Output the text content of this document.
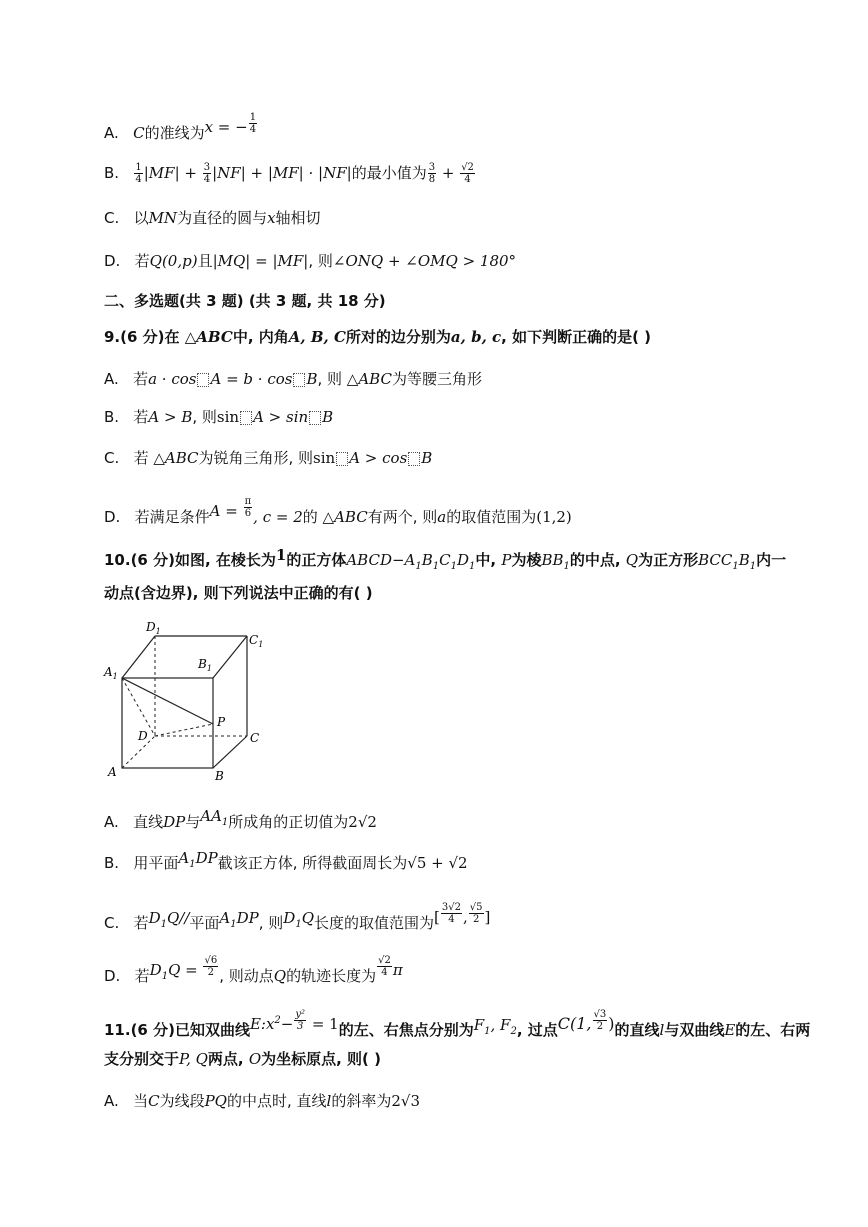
A. C的准线为x = − $\frac{1}{4}$
B. $\frac{1}{4} |MF| + \frac{3}{4} |NF| + |MF| \cdot |NF|$的最小值为 $\frac{3}{8} + \frac{√2}{4}$
C. 以MN为直径的圆与x轴相切
D. 若Q(0,p)且|MQ| = |MF|, 则∠ONQ + ∠OMQ > 180°
二、多选题(共 3 题) (共 3 题, 共 18 分)
9.(6 分)在 △ABC中, 内角A, B, C所对的边分别为a, b, c, 如下判断正确的是( )
A. 若a · cos A = b · cos B, 则 △ABC为等腰三角形
B. 若A > B, 则sin A > sin B
C. 若 △ABC为锐角三角形, 则sin A > cos B
D. 若满足条件$A = \frac{\pi}{6}$ , c = 2的 △ABC有两个, 则a的取值范围为(1,2)
10.(6 分)如图, 在棱长为1的正方体$ABCD-A_1B_1C_1D_1$中, P为棱$BB_1$的中点, Q为正方形$BCC_1B_1$内一
动点(含边界), 则下列说法中正确的有( )
$D_1$
$C_1$
$B_1$
$A_1$
P
D	C
A	B
A. 直线DP与$AA_1$所成角的正切值为2√2
B. 用平面$A_1DP$截该正方体, 所得截面周长为√5 + √2
C. 若$D_1Q//$平面$A_1DP$, 则$D_1Q$长度的取值范围为[ $\frac{3√2}{4}$ , $\frac{√5}{2}$ ]
D. 若$D_1Q = \frac{√6}{2}$ , 则动点Q的轨迹长度为 $\frac{√2}{4}$ π
11.(6 分)已知双曲线$E:x^2- \frac{\text{y²}}{3} = 1$的左、右焦点分别为$F_1$, $F_2$, 过点C(1, $\frac{√3}{2}$ )的直线l与双曲线E的左、右两
支分别交于P, Q两点, O为坐标原点, 则( )
A. 当C为线段PQ的中点时, 直线l的斜率为2√3
